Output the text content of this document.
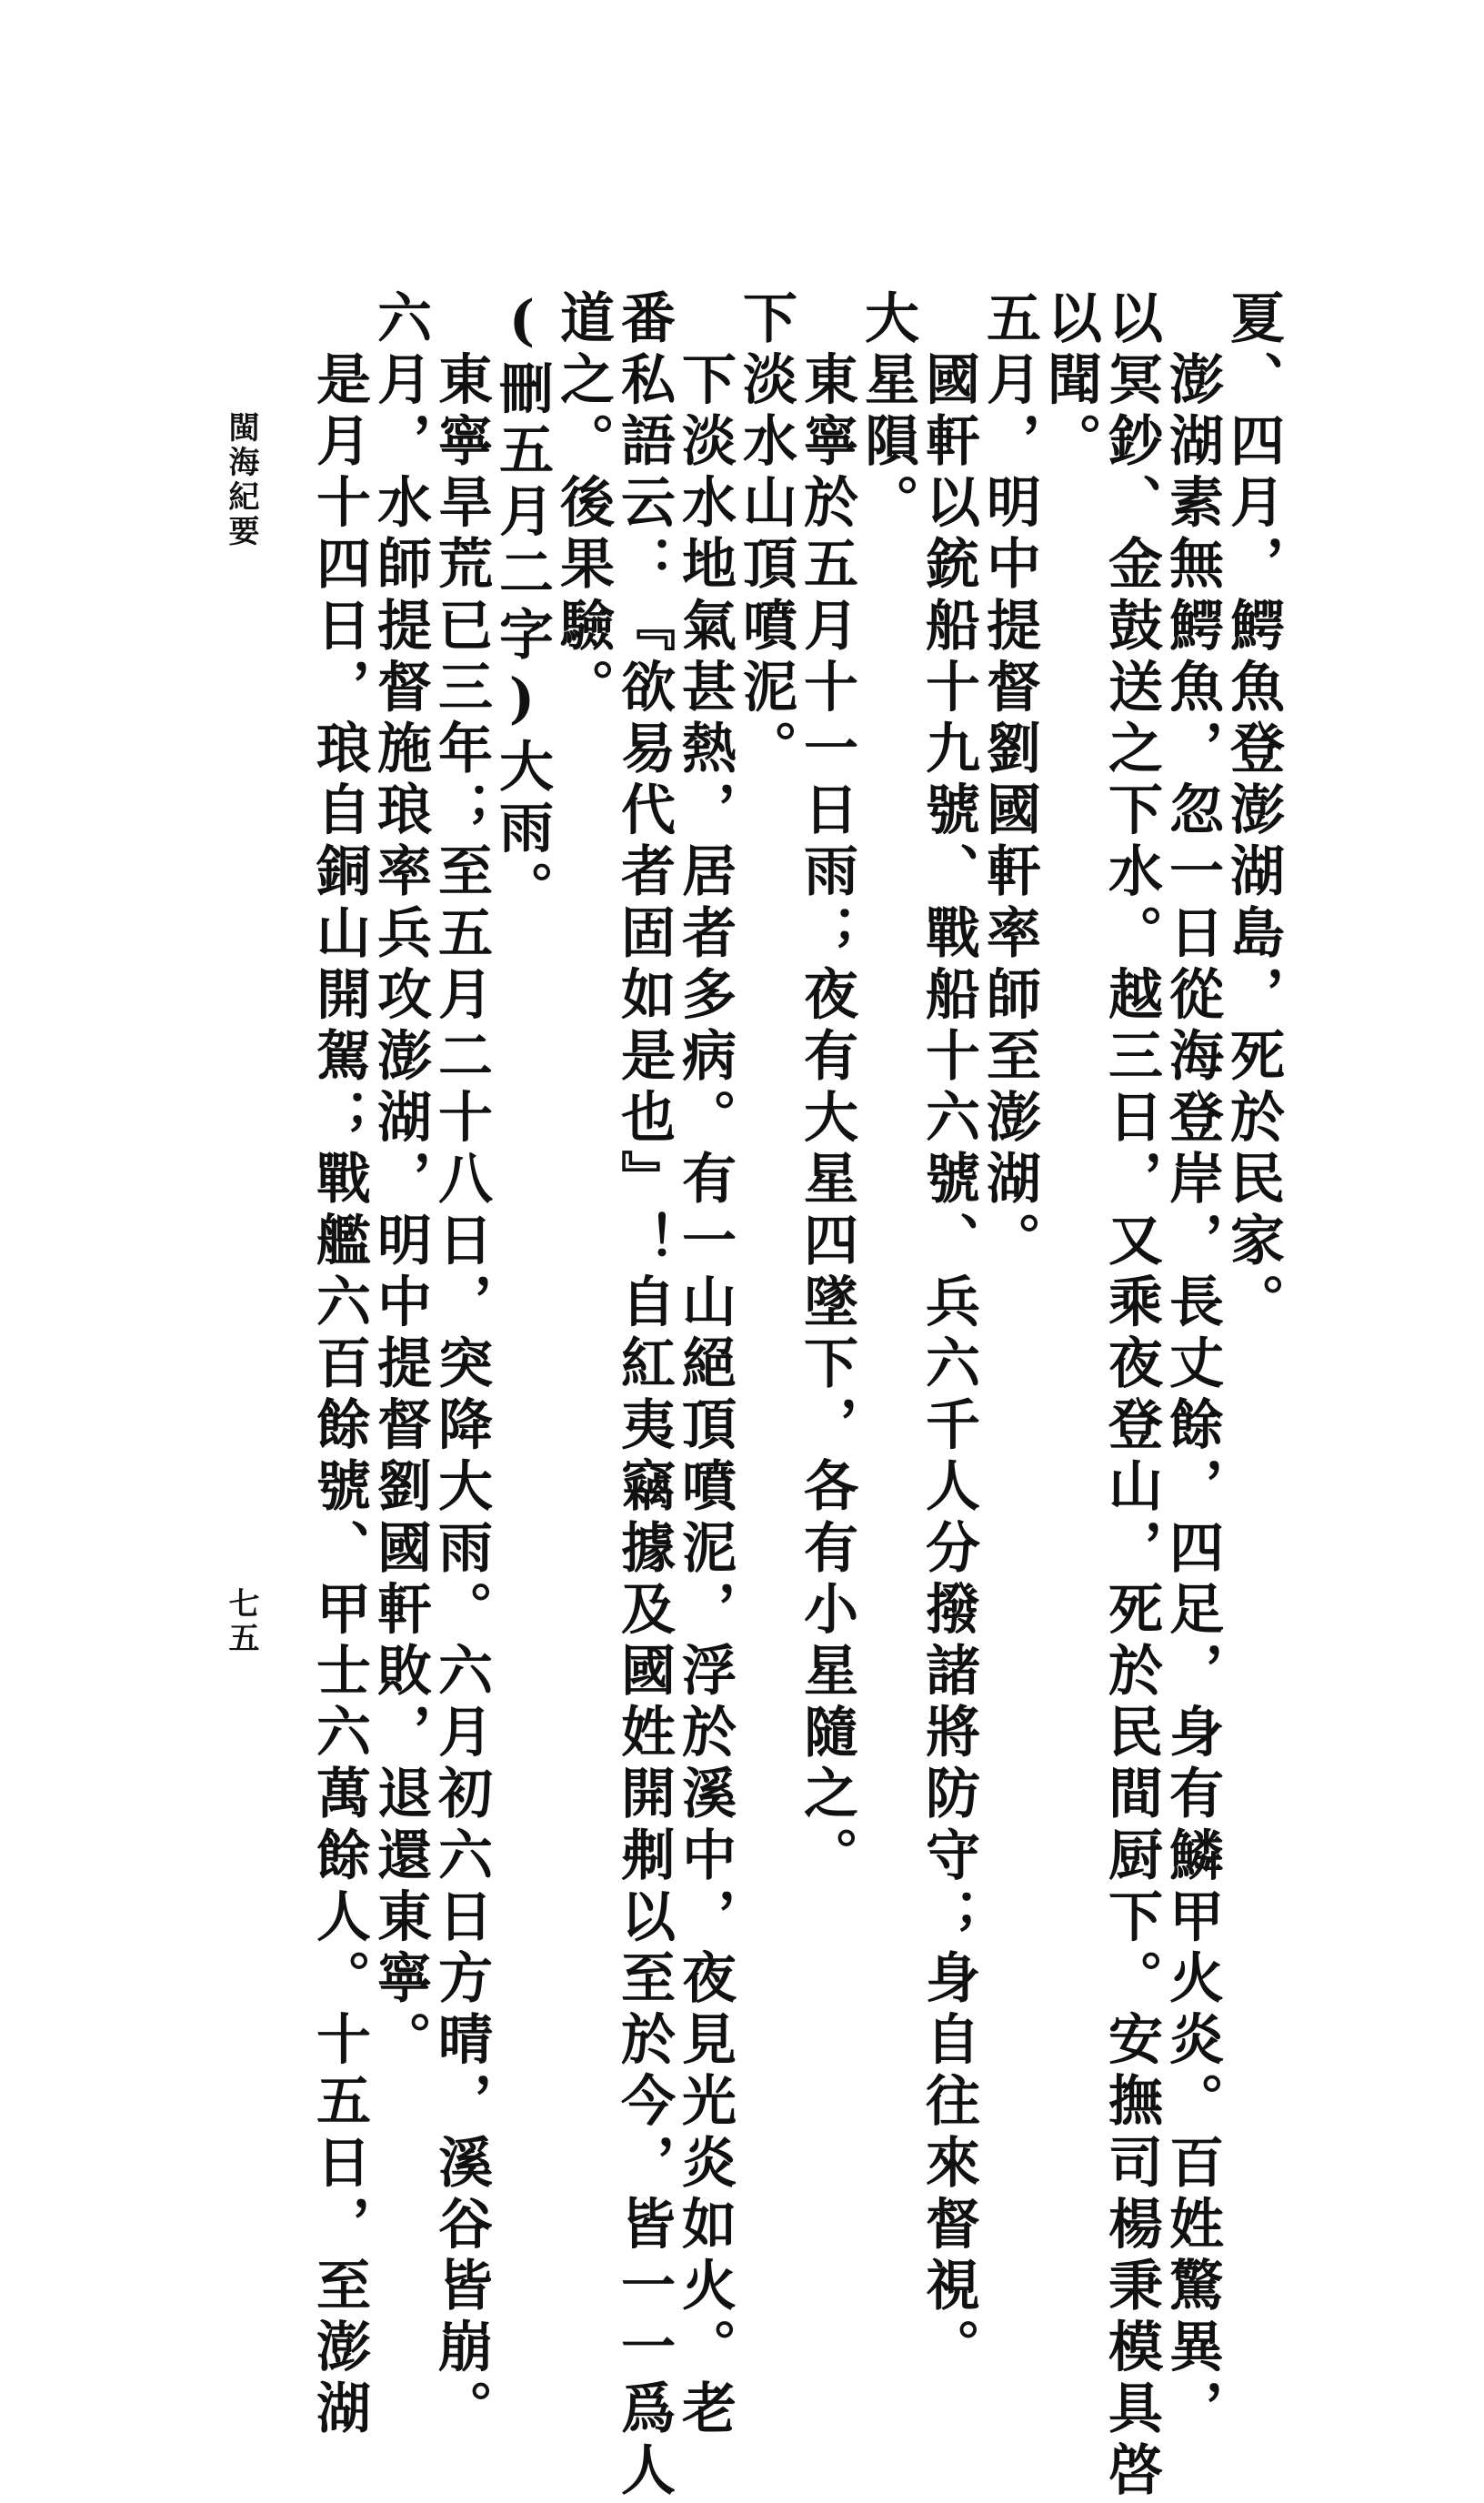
夏、四月，鰐魚登澎湖島，死於民家。
　澎湖素無鰐魚，忽一日從海登岸，長丈餘，四足，身有鱗甲火炎。百姓驚異，
以冥鈔、金鼓送之下水。越三日，又乘夜登山，死於民間厨下。安撫司楊秉模具啓
以聞。
五月，明中提督劉國軒率師至澎湖。
　國軒以銃船十九號、戰船十六號、兵六千人分撥諸將防守；身自往來督視。
大星隕。
　東寧於五月十一日雨；夜有大星四墜下，各有小星隨之。
下淡水山頂噴泥。
　下淡水地氣甚熱，居者多病。有一山絕頂噴泥，浮於溪中，夜見光炎如火。老
番私語云：『欲易代者固如是也』！自紅夷竊據及國姓開刜以至於今，皆一一爲人
道之。後果驗。
(刪五月二字)大雨。
　東寧旱荒已三年；至五月二十八日，突降大雨。六月初六日方晴，溪谷皆崩。
六月，水師提督施琅率兵攻澎湖，明中提督劉國軒敗，退還東寧。
　是月十四日，琅自銅山開駕；戰艦六百餘號、甲士六萬餘人。十五日，至澎湖
閩海紀要
七五
